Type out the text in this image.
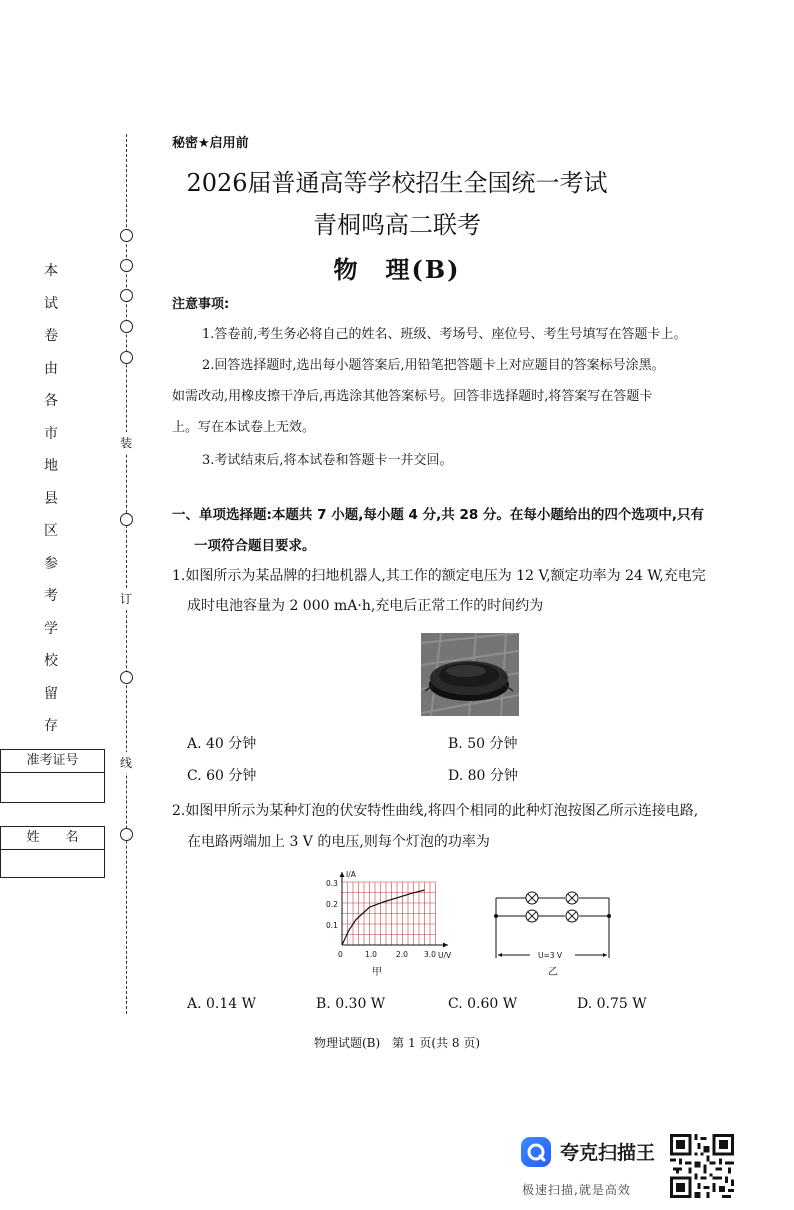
装
订
线
本
试
卷
由
各
市
地
县
区
参
考
学
校
留
存
准考证号
姓　　名
秘密★启用前
2026届普通高等学校招生全国统一考试
青桐鸣高二联考
物　理(B)
注意事项:
1.答卷前,考生务必将自己的姓名、班级、考场号、座位号、考生号填写在答题卡上。
2.回答选择题时,选出每小题答案后,用铅笔把答题卡上对应题目的答案标号涂黑。
如需改动,用橡皮擦干净后,再选涂其他答案标号。回答非选择题时,将答案写在答题卡
上。写在本试卷上无效。
3.考试结束后,将本试卷和答题卡一并交回。
一、单项选择题:本题共 7 小题,每小题 4 分,共 28 分。在每小题给出的四个选项中,只有
一项符合题目要求。
1.如图所示为某品牌的扫地机器人,其工作的额定电压为 12 V,额定功率为 24 W,充电完
成时电池容量为 2 000 mA·h,充电后正常工作的时间约为
A. 40 分钟	B. 50 分钟
C. 60 分钟	D. 80 分钟
2.如图甲所示为某种灯泡的伏安特性曲线,将四个相同的此种灯泡按图乙所示连接电路,
在电路两端加上 3 V 的电压,则每个灯泡的功率为
I/A
U/V
0
0.1
0.2
0.3
1.0	2.0 3.0
甲
U=3 V
乙
A. 0.14 W	B. 0.30 W	C. 0.60 W	D. 0.75 W
物理试题(B)　第 1 页(共 8 页)
夸克扫描王
极速扫描,就是高效
